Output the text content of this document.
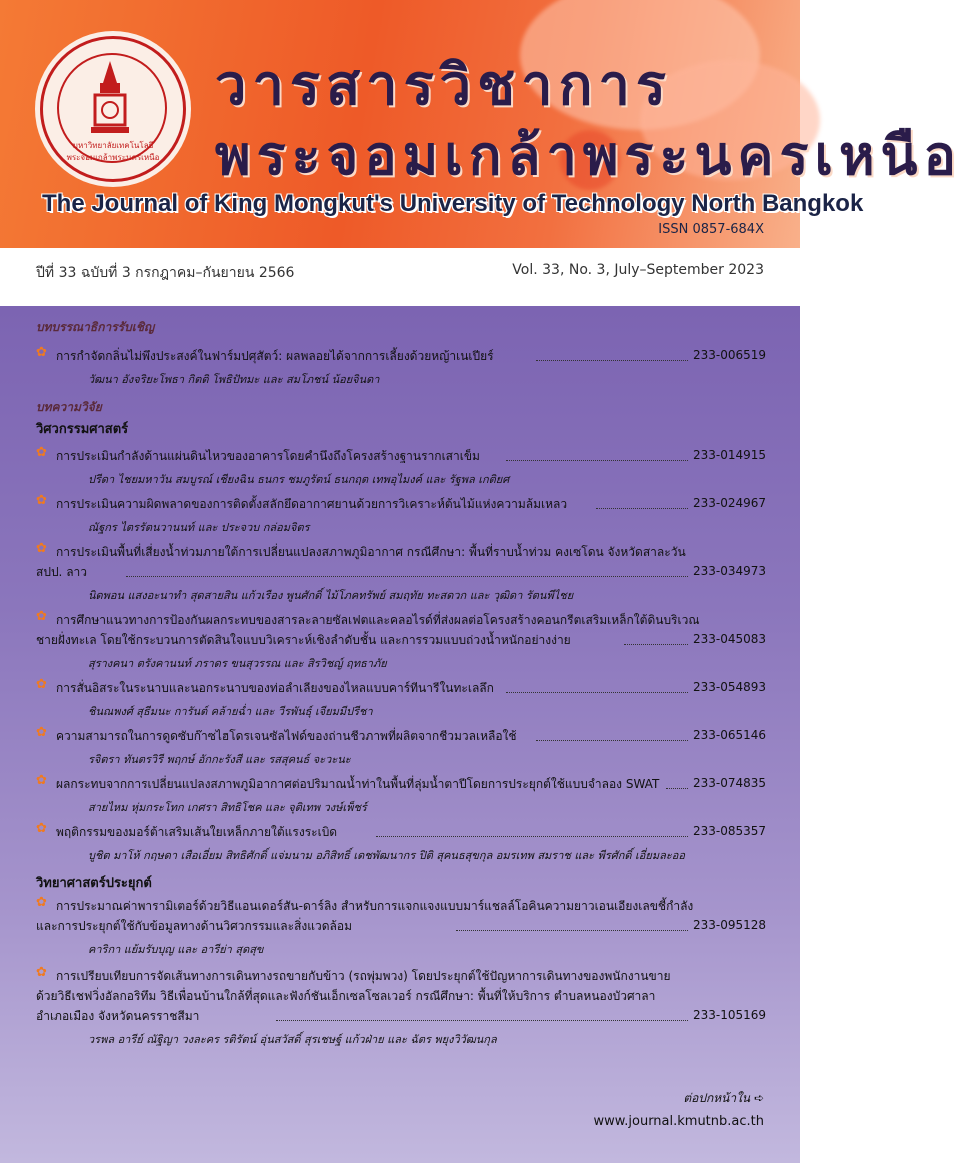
มหาวิทยาลัยเทคโนโลยี
พระจอมเกล้าพระนครเหนือ
วารสารวิชาการ
พระจอมเกล้าพระนครเหนือ
The Journal of King Mongkut's University of Technology North Bangkok
ISSN 0857-684X
ปีที่ 33 ฉบับที่ 3 กรกฎาคม–กันยายน 2566	Vol. 33, No. 3, July–September 2023
บทบรรณาธิการรับเชิญ
✿ การกำจัดกลิ่นไม่พึงประสงค์ในฟาร์มปศุสัตว์: ผลพลอยได้จากการเลี้ยงด้วยหญ้าเนเปียร์	233-006519
วัฒนา อังจริยะโพธา กิตติ โพธิปัทมะ และ สมโภชน์ น้อยจินดา
บทความวิจัย
วิศวกรรมศาสตร์
✿ การประเมินกำลังด้านแผ่นดินไหวของอาคารโดยคำนึงถึงโครงสร้างฐานรากเสาเข็ม	233-014915
ปรีดา ไชยมหาวัน สมบูรณ์ เชียงฉิน ธนกร ชมภูรัตน์ ธนกฤต เทพอุไมงค์ และ รัฐพล เกติยศ
✿ การประเมินความผิดพลาดของการติดตั้งสลักยึดอากาศยานด้วยการวิเคราะห์ต้นไม้แห่งความล้มเหลว	233-024967
ณัฐกร ไตรรัตนวานนท์ และ ประจวบ กล่อมจิตร
✿ การประเมินพื้นที่เสี่ยงน้ำท่วมภายใต้การเปลี่ยนแปลงสภาพภูมิอากาศ กรณีศึกษา: พื้นที่ราบน้ำท่วม คงเซโดน จังหวัดสาละวัน
สปป. ลาว	233-034973
นิดพอน แสงอะนาทำ สุดสายสิน แก้วเรือง พูนศักดิ์ ไม้โภคทรัพย์ สมฤทัย ทะสดวก และ วุฒิดา รัตนพีไชย
✿ การศึกษาแนวทางการป้องกันผลกระทบของสารละลายซัลเฟตและคลอไรด์ที่ส่งผลต่อโครงสร้างคอนกรีตเสริมเหล็กใต้ดินบริเวณ
ชายฝั่งทะเล โดยใช้กระบวนการตัดสินใจแบบวิเคราะห์เชิงลำดับชั้น และการรวมแบบถ่วงน้ำหนักอย่างง่าย	233-045083
สุรางคนา ตรังคานนท์ ภราดร ขนสุวรรณ และ สิรวิชญ์ ฤทธาภัย
✿ การสั่นอิสระในระนาบและนอกระนาบของท่อลำเลียงของไหลแบบคาร์ทีนารีในทะเลลึก	233-054893
ชินณพงศ์ สุธีมนะ การันต์ คล้ายฉ่ำ และ วีรพันธุ์ เจียมมีปรีชา
✿ ความสามารถในการดูดซับก๊าซไฮโดรเจนซัลไฟด์ของถ่านชีวภาพที่ผลิตจากชีวมวลเหลือใช้	233-065146
รจิตรา ทันตรวิรี พฤกษ์ อักกะรังสี และ รสสุคนธ์ จะวะนะ
✿ ผลกระทบจากการเปลี่ยนแปลงสภาพภูมิอากาศต่อปริมาณน้ำท่าในพื้นที่ลุ่มน้ำตาปีโดยการประยุกต์ใช้แบบจำลอง SWAT	233-074835
สายไหม หุ่มกระโทก เกศรา สิทธิโชค และ จุติเทพ วงษ์เพ็ชร์
✿ พฤติกรรมของมอร์ต้าเสริมเส้นใยเหล็กภายใต้แรงระเบิด	233-085357
บูชิต มาโห้ กฤษดา เสือเอี่ยม สิทธิศักดิ์ แจ่มนาม อภิสิทธิ์ เดชพัฒนากร ปิติ สุคนธสุขกุล อมรเทพ สมราช และ พีรศักดิ์ เอี่ยมละออ
วิทยาศาสตร์ประยุกต์
✿ การประมาณค่าพารามิเตอร์ด้วยวิธีแอนเดอร์สัน-ดาร์ลิง สำหรับการแจกแจงแบบมาร์แชลล์โอคินความยาวเอนเอียงเลขชี้กำลัง
และการประยุกต์ใช้กับข้อมูลทางด้านวิศวกรรมและสิ่งแวดล้อม	233-095128
คาริกา แย้มรับบุญ และ อารีย่า สุดสุข
✿ การเปรียบเทียบการจัดเส้นทางการเดินทางรถขายกับข้าว (รถพุ่มพวง) โดยประยุกต์ใช้ปัญหาการเดินทางของพนักงานขาย
ด้วยวิธีเชฟวิ่งอัลกอริทึม วิธีเพื่อนบ้านใกล้ที่สุดและฟังก์ชันเอ็กเซลโซลเวอร์ กรณีศึกษา: พื้นที่ให้บริการ ตำบลหนองบัวศาลา
อำเภอเมือง จังหวัดนครราชสีมา	233-105169
วรพล อารีย์ ณัฐิญา วงละคร รติรัตน์ อุ่นสวัสดิ์ สุรเชษฐ์ แก้วฝ่าย และ ฉัตร พยุงวิวัฒนกุล
ต่อปกหน้าใน ➪
www.journal.kmutnb.ac.th
